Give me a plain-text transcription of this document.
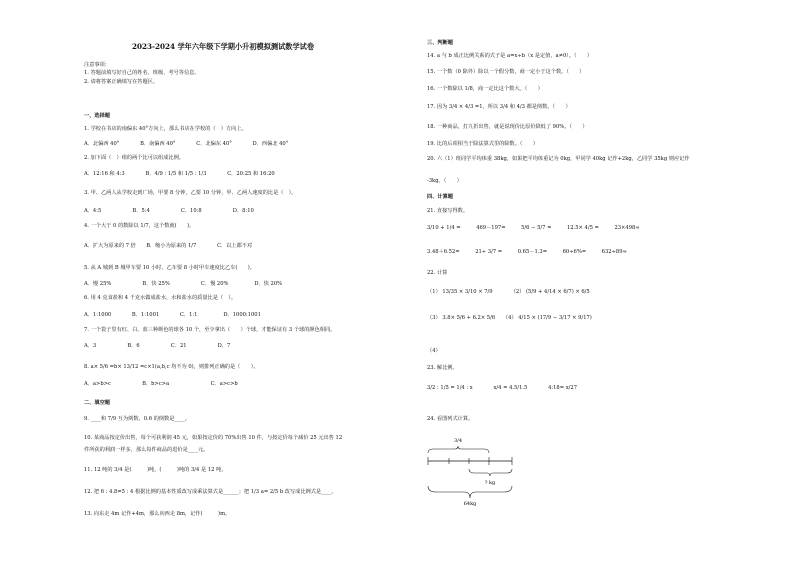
2023-2024 学年六年级下学期小升初模拟测试数学试卷
注意事项：
1. 答题前填写好自己的姓名、班级、考号等信息。
2. 请将答案正确填写在答题区。
一、选择题
1. 学校在书店的南偏东 40°方向上，那么书店在学校的（　）方向上。
A．北偏西 40°　　　　B．南偏西 40°　　　　C．北偏东 40°　　　　D．西偏北 40°
2. 加下面（　）组的两个比可以组成比例。
A．12:16 和 4:3　　　　B．4/9 : 1/5 和 1/5 : 1/3　　　　C．20:25 和 16:20
3. 甲、乙两人从学校走到广场，甲要 8 分钟，乙要 10 分钟，甲、乙两人速度的比是（　）。
A．4:5　　　　　　B．5:4　　　　　　C．10:8　　　　　　D．8:10
4. 一个大于 0 的数除以 1/7，这个数就(　　)。
A．扩大为原来的 7 倍　　B．缩小为原来的 1/7　　　　C．以上都不对
5. 从 A 城到 B 城甲车要 10 小时，乙车要 8 小时甲车速度比乙车(　　)。
A．慢 25%　　　　　　B．快 25%　　　　　　C．慢 20%　　　　　D．快 20%
6. 用 4 克食盐和 4 千克水做成盐水，水和盐水的质量比是（　）。
A．1:1000　　　　B．1:1001　　　　C．1:1　　　　　D．1000:1001
7. 一个袋子里有红、白、蓝三种颜色的球各 10 个，至少拿出（　　）个球，才能保证有 3 个球的颜色相同。
A．3　　　　　　B．6　　　　　　C．21　　　　　　D．7
8. a× 5/6 =b× 13/12 =c×1(a,b,c 均不为 0)，则排列正确的是（　　）。
A．a>b>c　　　　　　B．b>c>a　　　　　　　　C．a>c>b
二、填空题
9. ____和 7/9 互为倒数，0.6 的倒数是____。
10. 某商品按定价出售，每个可获利润 45 元，如果按定价的 70%出售 10 件，与按定价每个减价 25 元出售 12
件所获的利润一样多，那么每件商品的进价是____元。
11. 12 吨的 3/4 是(　　　)吨，(　　　)吨的 3/4 是 12 吨。
12. 把 6 : 4.8=5 : 4 根据比例的基本性质改写成乘法算式是______；把 1/3 a= 2/5 b 改写成比例式是____。
13. 向东走 4m 记作+4m，那么向西走 8m，记作(　　　)m。
三、判断题
14. a 与 b 成正比例关系的式子是 a=x÷b（x 是定值，a≠0）。（　　）
15. 一个数（0 除外）除以一个假分数，商一定小于这个数。（　　）
16. 一个数除以 1/8，商一定比这个数大。（　　）
17. 因为 3/4 × 4/3 =1，所以 3/4 和 4/3 都是倒数。（　　）
18. 一种商品，打九折出售，就是说现价比原价降低了 90%。（　　）
19. 比的后项相当于除法算式里的除数。（　　）
20. 六（1）班同学平均体重 38kg，如果把平均体重记为 0kg，甲同学 40kg 记作+2kg，乙同学 35kg 则应记作
-3kg。（　　）
四、计算题
21. 直接写得数。
3/10 + 1/4 =　　　469－197=　　　5/6 − 5/7 =　　　12.5× 4/5 =　　　23×498≈
3.48＋6.52=　　　21÷ 3/7 =　　　0.65－1.3=　　　60÷6%=　　　632÷89≈
22. 计算
（1） 13/35 × 3/10 × 7/9　　　　（2） (5/9 + 4/14 × 6/7) × 6/5
（3） 3.8× 5/6 + 6.2× 5/6　　（4） 4/15 × (17/9 − 3/17 × 9/17)
（4）
23. 解比例。
3/2 : 1/5 = 1/4 : x　　　　x/4 = 4.5/1.5　　　　4:18= x/27
24. 看图列式计算。
3/4
? kg
64kg
